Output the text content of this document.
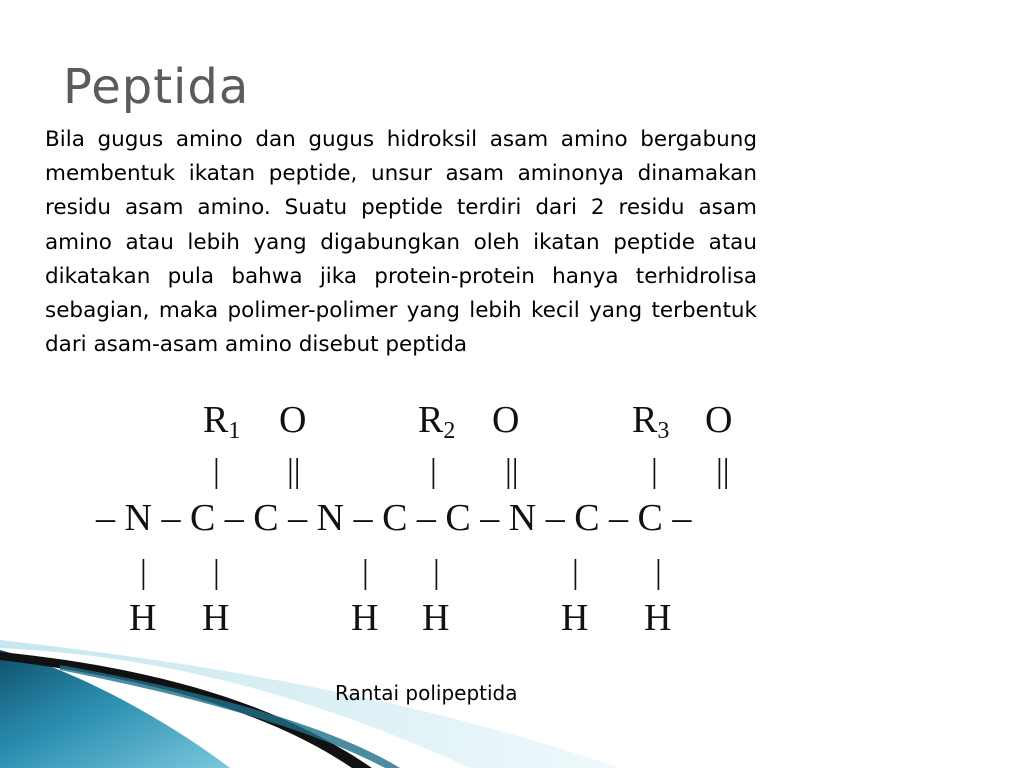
Peptida

Bila gugus amino dan gugus hidroksil asam amino bergabung membentuk ikatan peptide, unsur asam aminonya dinamakan residu asam amino. Suatu peptide terdiri dari 2 residu asam amino atau lebih yang digabungkan oleh ikatan peptide atau dikatakan pula bahwa jika protein-protein hanya terhidrolisa sebagian, maka polimer-polimer yang lebih kecil yang terbentuk dari asam-asam amino disebut peptida

R1	R2	R3
O	O	O
| ||	| ||	| ||
– N – C – C – N – C – C – N – C – C –
| |	| |	| |
H H	H H	H H

Rantai polipeptida
